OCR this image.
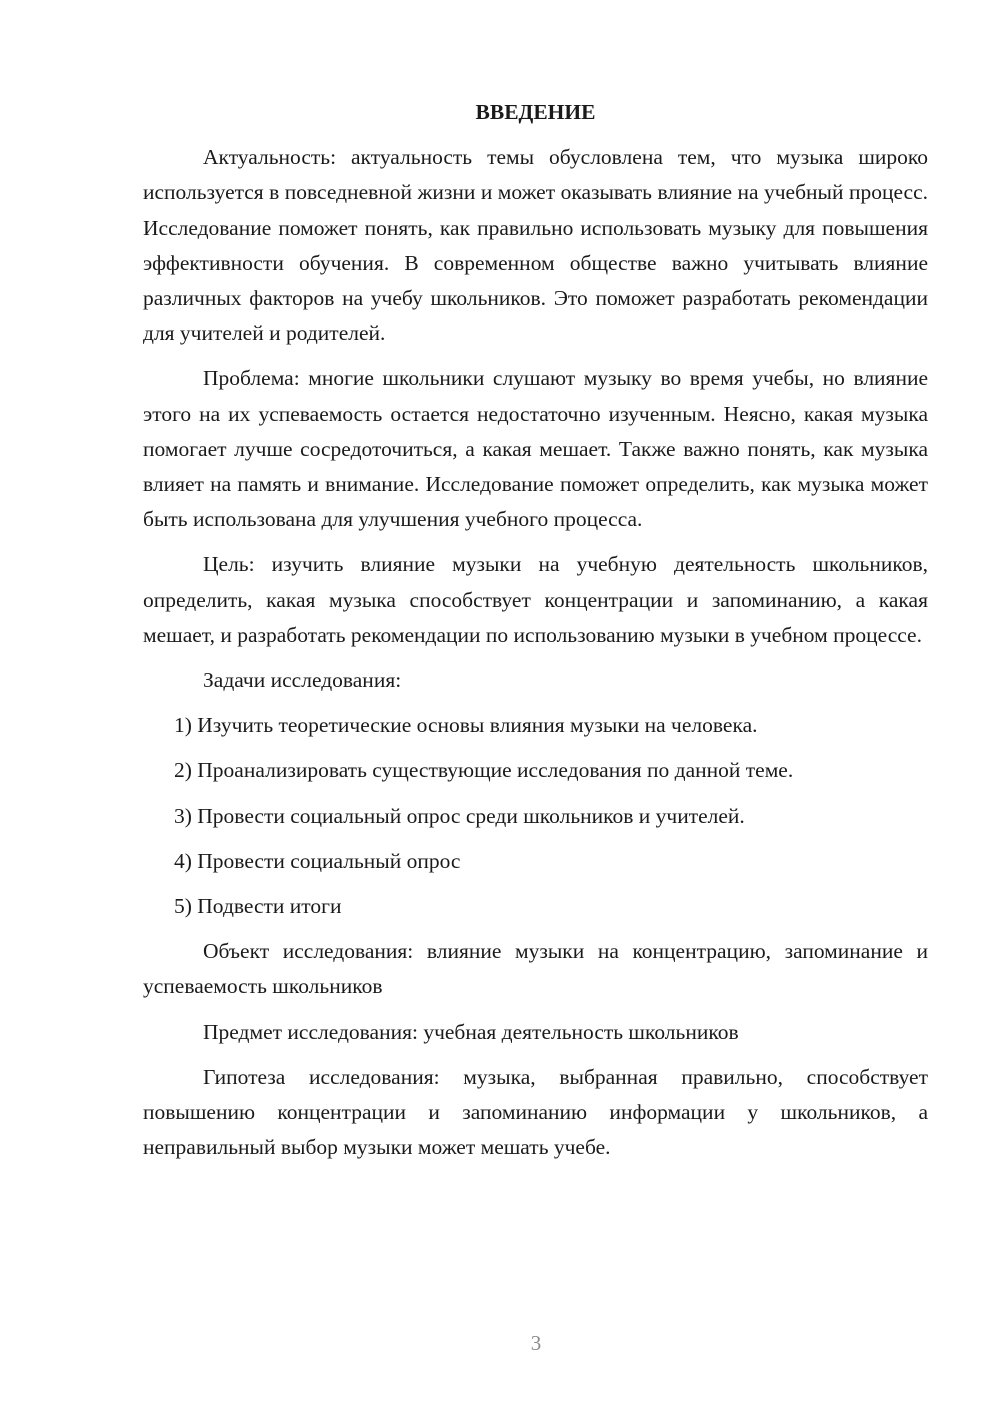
ВВЕДЕНИЕ

Актуальность: актуальность темы обусловлена тем, что музыка широко используется в повседневной жизни и может оказывать влияние на учебный процесс. Исследование поможет понять, как правильно использовать музыку для повышения эффективности обучения. В современном обществе важно учитывать влияние различных факторов на учебу школьников. Это поможет разработать рекомендации для учителей и родителей.

Проблема: многие школьники слушают музыку во время учебы, но влияние этого на их успеваемость остается недостаточно изученным. Неясно, какая музыка помогает лучше сосредоточиться, а какая мешает. Также важно понять, как музыка влияет на память и внимание. Исследование поможет определить, как музыка может быть использована для улучшения учебного процесса.

Цель: изучить влияние музыки на учебную деятельность школьников, определить, какая музыка способствует концентрации и запоминанию, а какая мешает, и разработать рекомендации по использованию музыки в учебном процессе.

Задачи исследования:

1) Изучить теоретические основы влияния музыки на человека.

2) Проанализировать существующие исследования по данной теме.

3) Провести социальный опрос среди школьников и учителей.

4) Провести социальный опрос

5) Подвести итоги

Объект исследования: влияние музыки на концентрацию, запоминание и успеваемость школьников

Предмет исследования: учебная деятельность школьников

Гипотеза исследования: музыка, выбранная правильно, способствует повышению концентрации и запоминанию информации у школьников, а неправильный выбор музыки может мешать учебе.

3
